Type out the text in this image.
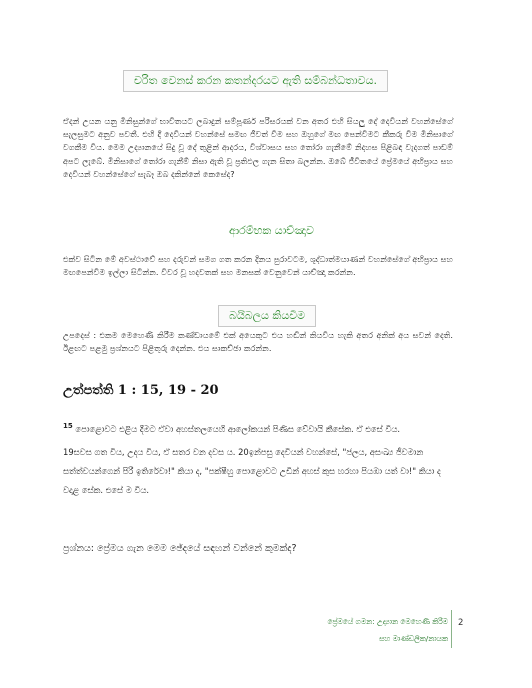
චරිත වෙනස් කරන කතන්දරයට ඇති සම්බන්ධතාවය.
ඒදන් උයන යනු මිනිසුන්ගේ භාවිතයට ලබාදුන් සම්පූර්ණ පරිසරයක් වන අතර එහි සියලු දේ දෙවියන් වහන්සේගේ සැලසුමට අනුව පවතී. එහි දී දෙවියන් වහන්සේ සමඟ ජීවත් වීම සහ ඔහුගේ මඟ පෙන්වීමට කීකරු වීම මිනිසාගේ වගකීම විය. මෙම උද්‍යානයේ සිදු වූ දේ තුළින් ආදරය, විශ්වාසය සහ තෝරා ගැනීමේ නිදහස පිළිබඳ වැදගත් පාඩම් අපට ලැබේ. මිනිසාගේ තෝරා ගැනීම් නිසා ඇති වූ ප්‍රතිඵල ගැන සිතා බලන්න. ඔබේ ජීවිතයේ ප්‍රේමයේ අභිප්‍රාය සහ දෙවියන් වහන්සේගේ සැබෑ ඔබ දකින්නේ කෙසේද?
ආරම්භක යාච්ඤාව
එක්ව සිටින මේ අවස්ථාවේ සහ දරුවන් සමග ගත කරන දිනය පුරාවටම, ශුද්ධාත්මයාණන් වහන්සේගේ අභිප්‍රාය සහ මඟපෙන්වීම ඉල්ලා සිටින්න. විවර වූ හදවතක් සහ මනසක් වෙනුවෙන් යාච්ඤා කරන්න.
බයිබලය කියවීම
උපදෙස් : එකම මෙහෙණි කිරීම කණ්ඩායමේ එක් අයෙකුට එය හඬින් කියවිය හැකි අතර අනික් අය සවන් දෙති. ඊළඟට පළමු ප්‍රශ්නයට පිළිතුරු දෙන්න. එය සාකච්ඡා කරන්න.
උත්පත්ති 1 : 15, 19 - 20
$^{15}$ පොළොවට එළිය දීමට ඒවා අහස්තලයෙහි ආලෝකයන් පිණිස වේවායි කීසේක. ඒ එසේ විය.
19සවස ගත විය, උදය විය, ඒ සතර වන දවස ය. 20ඉන්පසු දෙවියන් වහන්සේ, "ජලය, අසංඛ්‍ය ජීවමාන සත්ත්වයන්ගෙන් පිරී ඉතිරේවා!" කියා ද, "පක්ෂීහු පොළොවට උඩින් අහස් කුස හරහා පියඹා යත් වා!" කියා ද වදාළ සේක. එසේ ම විය.
ප්‍රශ්නය: ප්‍රේමය ගැන මෙම ඡේදයේ සඳහන් වන්නේ කුමක්ද?
ප්‍රේමයේ ගමන: උද්‍යාන මෙහෙණි කිරීම
සහ මාණ්ඩලික/නායක
2
